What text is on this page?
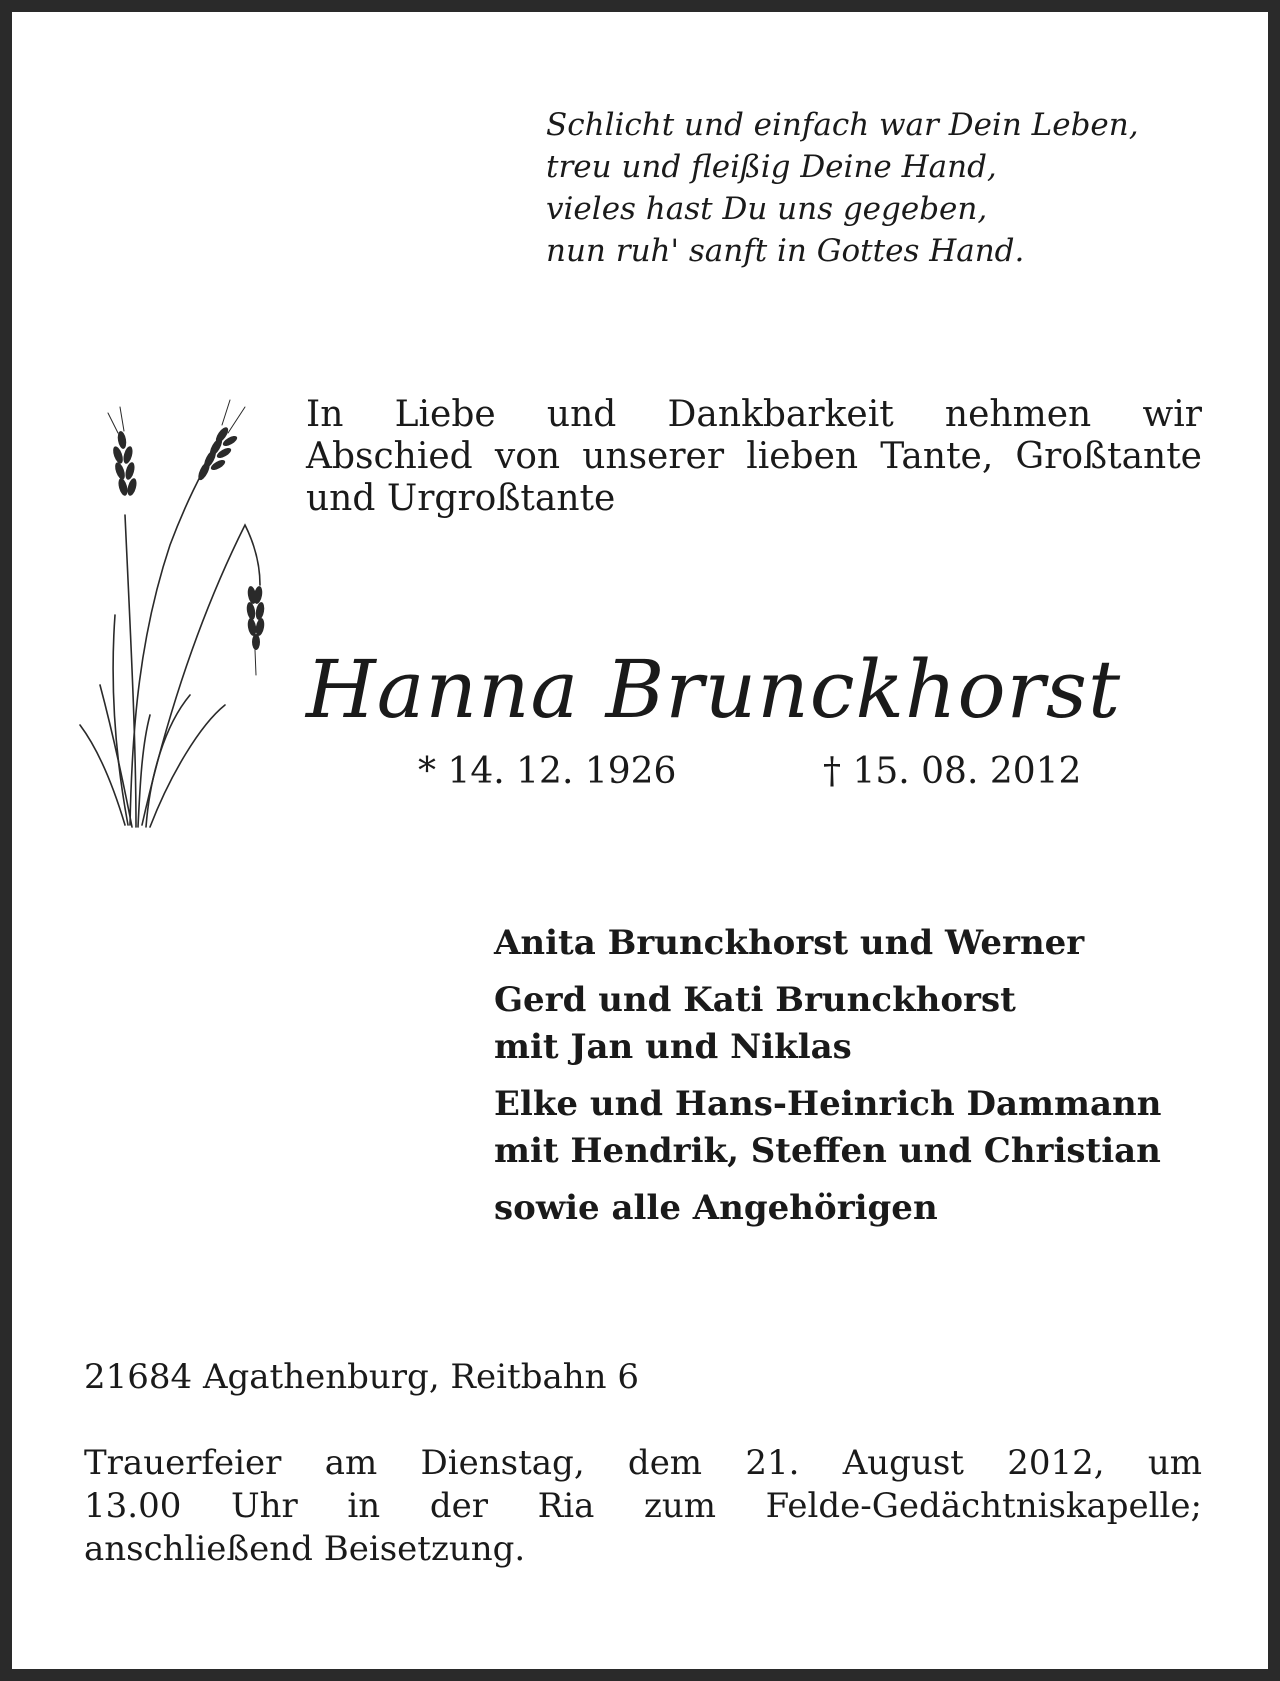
Schlicht und einfach war Dein Leben,
treu und fleißig Deine Hand,
vieles hast Du uns gegeben,
nun ruh' sanft in Gottes Hand.
In Liebe und Dankbarkeit nehmen wir
Abschied von unserer lieben Tante, Großtante
und Urgroßtante
Hanna Brunckhorst
* 14. 12. 1926	† 15. 08. 2012
Anita Brunckhorst und Werner
Gerd und Kati Brunckhorst
mit Jan und Niklas
Elke und Hans-Heinrich Dammann
mit Hendrik, Steffen und Christian
sowie alle Angehörigen
21684 Agathenburg, Reitbahn 6
Trauerfeier am Dienstag, dem 21. August 2012, um
13.00 Uhr in der Ria zum Felde-Gedächtniskapelle;
anschließend Beisetzung.
